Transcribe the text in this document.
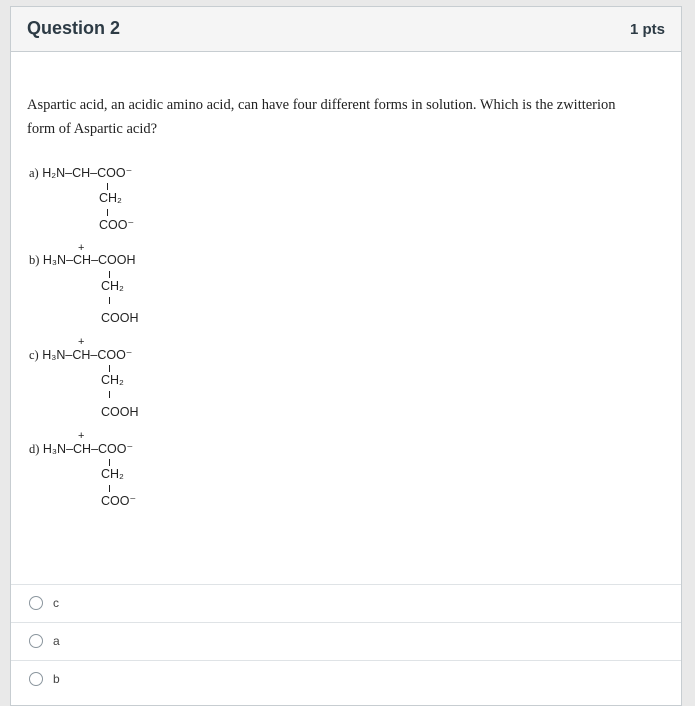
Question 2	1 pts
Aspartic acid, an acidic amino acid, can have four different forms in solution. Which is the zwitterion form of Aspartic acid?
a) H₂N–CH–COO⁻
CH₂
COO⁻
+
b) H₃N–CH–COOH
CH₂
COOH
+
c) H₃N–CH–COO⁻
CH₂
COOH
+
d) H₃N–CH–COO⁻
CH₂
COO⁻
c
a
b
